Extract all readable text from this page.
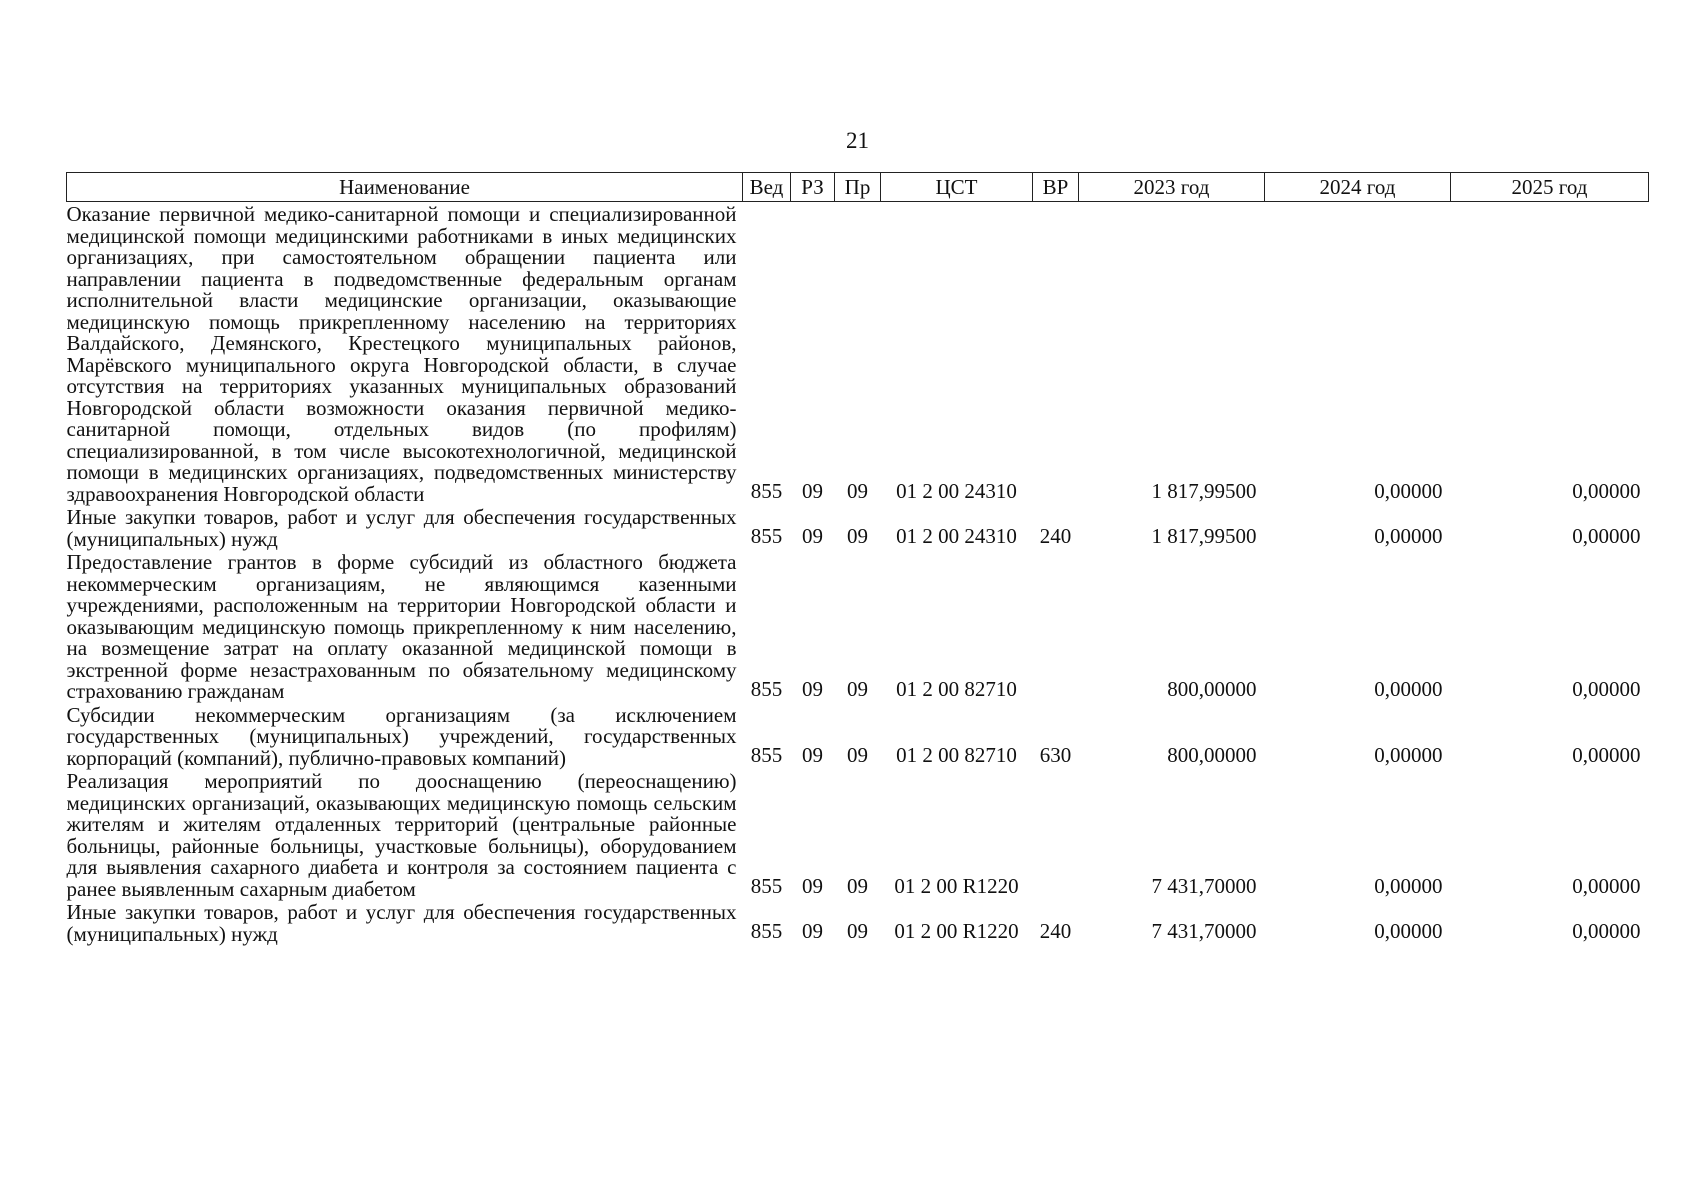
21
Наименование	Вед	РЗ	Пр	ЦСТ	ВР	2023 год	2024 год	2025 год
Оказание первичной медико-санитарной помощи и специализированной медицинской помощи медицинскими работниками в иных медицинских организациях, при самостоятельном обращении пациента или направлении пациента в подведомственные федеральным органам исполнительной власти медицинские организации, оказывающие медицинскую помощь прикрепленному населению на территориях Валдайского, Демянского, Крестецкого муниципальных районов, Марёвского муниципального округа Новгородской области, в случае отсутствия на территориях указанных муниципальных образований Новгородской области возможности оказания первичной медико-санитарной помощи, отдельных видов (по профилям) специализированной, в том числе высокотехнологичной, медицинской помощи в медицинских организациях, подведомственных министерству здравоохранения Новгородской области	855	09	09	01 2 00 24310		1 817,99500	0,00000	0,00000
Иные закупки товаров, работ и услуг для обеспечения государственных (муниципальных) нужд	855	09	09	01 2 00 24310	240	1 817,99500	0,00000	0,00000
Предоставление грантов в форме субсидий из областного бюджета некоммерческим организациям, не являющимся казенными учреждениями, расположенным на территории Новгородской области и оказывающим медицинскую помощь прикрепленному к ним населению, на возмещение затрат на оплату оказанной медицинской помощи в экстренной форме незастрахованным по обязательному медицинскому страхованию гражданам	855	09	09	01 2 00 82710		800,00000	0,00000	0,00000
Субсидии некоммерческим организациям (за исключением государственных (муниципальных) учреждений, государственных корпораций (компаний), публично-правовых компаний)	855	09	09	01 2 00 82710	630	800,00000	0,00000	0,00000
Реализация мероприятий по дооснащению (переоснащению) медицинских организаций, оказывающих медицинскую помощь сельским жителям и жителям отдаленных территорий (центральные районные больницы, районные больницы, участковые больницы), оборудованием для выявления сахарного диабета и контроля за состоянием пациента с ранее выявленным сахарным диабетом	855	09	09	01 2 00 R1220		7 431,70000	0,00000	0,00000
Иные закупки товаров, работ и услуг для обеспечения государственных (муниципальных) нужд	855	09	09	01 2 00 R1220	240	7 431,70000	0,00000	0,00000
